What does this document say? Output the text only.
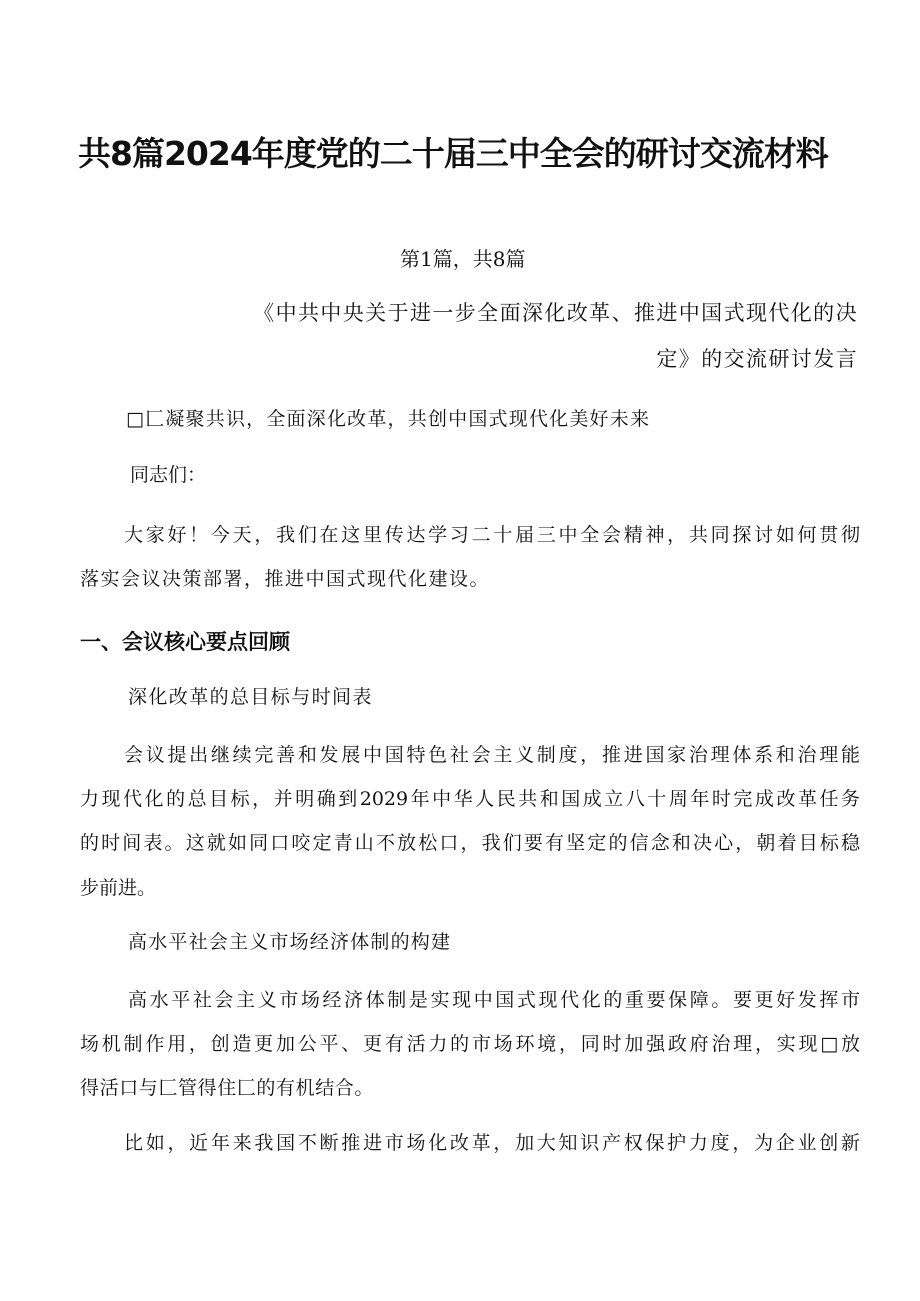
共8篇2024年度党的二十届三中全会的研讨交流材料
第1篇，共8篇
《中共中央关于进一步全面深化改革、推进中国式现代化的决
定》的交流研讨发言
□匚凝聚共识，全面深化改革，共创中国式现代化美好未来
同志们：
大家好！今天，我们在这里传达学习二十届三中全会精神，共同探讨如何贯彻
落实会议决策部署，推进中国式现代化建设。
一、会议核心要点回顾
深化改革的总目标与时间表
会议提出继续完善和发展中国特色社会主义制度，推进国家治理体系和治理能
力现代化的总目标，并明确到2029年中华人民共和国成立八十周年时完成改革任务
的时间表。这就如同口咬定青山不放松口，我们要有坚定的信念和决心，朝着目标稳
步前进。
高水平社会主义市场经济体制的构建
高水平社会主义市场经济体制是实现中国式现代化的重要保障。要更好发挥市
场机制作用，创造更加公平、更有活力的市场环境，同时加强政府治理，实现□放
得活口与匚管得住匚的有机结合。
比如，近年来我国不断推进市场化改革，加大知识产权保护力度，为企业创新
